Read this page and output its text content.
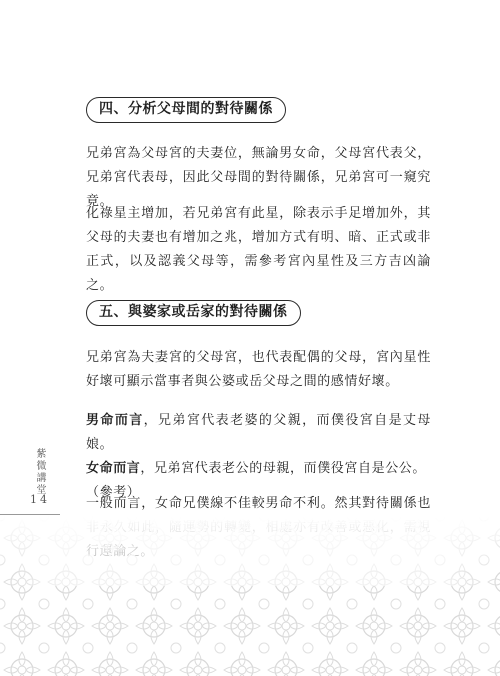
四、分析父母間的對待關係

兄弟宮為父母宮的夫妻位，無論男女命，父母宮代表父，兄弟宮代表母，因此父母間的對待關係，兄弟宮可一窺究竟。

化祿星主增加，若兄弟宮有此星，除表示手足增加外，其父母的夫妻也有增加之兆，增加方式有明、暗、正式或非正式，以及認義父母等，需參考宮內星性及三方吉凶論之。

五、與婆家或岳家的對待關係

兄弟宮為夫妻宮的父母宮，也代表配偶的父母，宮內星性好壞可顯示當事者與公婆或岳父母之間的感情好壞。

男命而言，兄弟宮代表老婆的父親，而僕役宮自是丈母娘。
女命而言，兄弟宮代表老公的母親，而僕役宮自是公公。
（參考）

一般而言，女命兄僕線不佳較男命不利。然其對待關係也

紫微講堂
14
